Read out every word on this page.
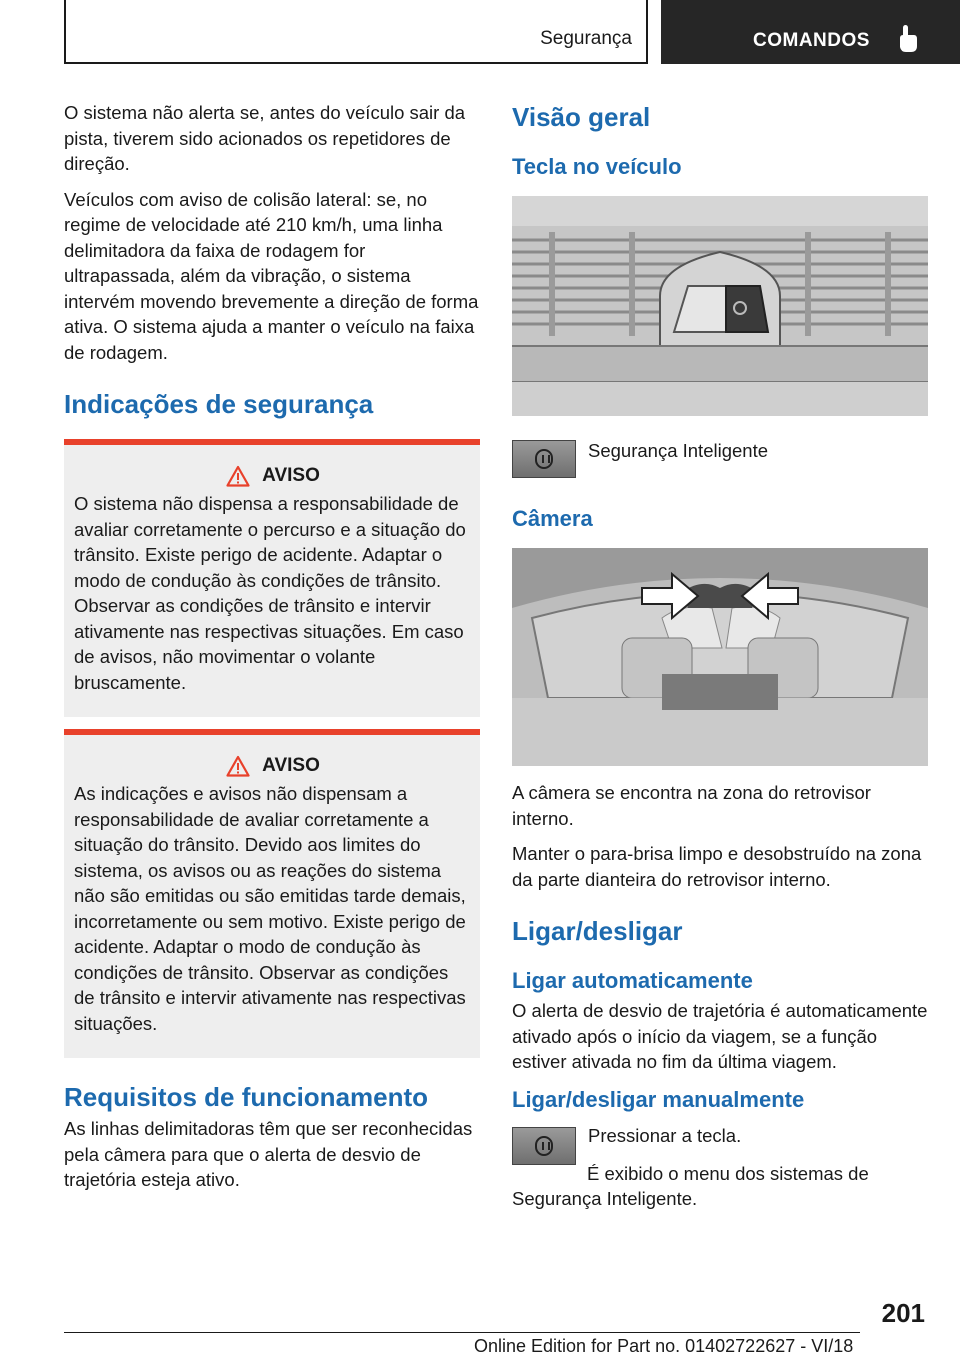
Segurança	COMANDOS

O sistema não alerta se, antes do veículo sair da pista, tiverem sido acionados os repetidores de direção.

Veículos com aviso de colisão lateral: se, no regime de velocidade até 210 km/h, uma linha delimitadora da faixa de rodagem for ultrapassada, além da vibração, o sistema intervém movendo brevemente a direção de forma ativa. O sistema ajuda a manter o veículo na faixa de rodagem.

Indicações de segurança
AVISO

O sistema não dispensa a responsabilidade de avaliar corretamente o percurso e a situação do trânsito. Existe perigo de acidente. Adaptar o modo de condução às condições de trânsito. Observar as condições de trânsito e intervir ativamente nas respectivas situações. Em caso de avisos, não movimentar o volante bruscamente.

AVISO

As indicações e avisos não dispensam a responsabilidade de avaliar corretamente a situação do trânsito. Devido aos limites do sistema, os avisos ou as reações do sistema não são emitidas ou são emitidas tarde demais, incorretamente ou sem motivo. Existe perigo de acidente. Adaptar o modo de condução às condições de trânsito. Observar as condições de trânsito e intervir ativamente nas respectivas situações.

Requisitos de funcionamento

As linhas delimitadoras têm que ser reconhecidas pela câmera para que o alerta de desvio de trajetória esteja ativo.

Visão geral
Tecla no veículo

Segurança Inteligente

Câmera

A câmera se encontra na zona do retrovisor interno.

Manter o para-brisa limpo e desobstruído na zona da parte dianteira do retrovisor interno.

Ligar/desligar
Ligar automaticamente

O alerta de desvio de trajetória é automaticamente ativado após o início da viagem, se a função estiver ativada no fim da última viagem.

Ligar/desligar manualmente

Pressionar a tecla.

É exibido o menu dos sistemas de Segurança Inteligente.

201
Online Edition for Part no. 01402722627 - VI/18
